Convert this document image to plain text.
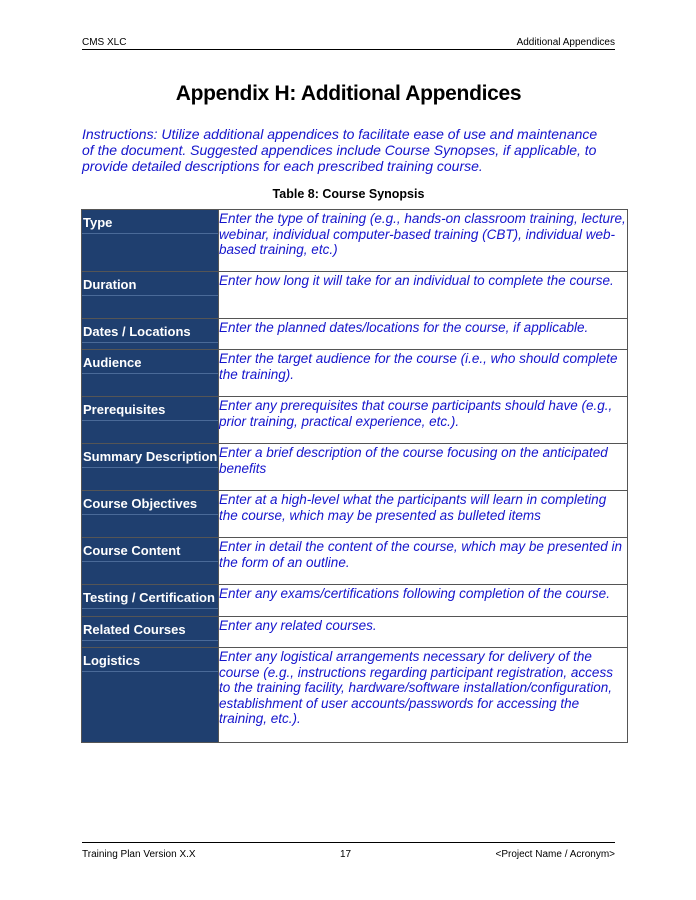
CMS XLC	Additional Appendices
Appendix H: Additional Appendices
Instructions: Utilize additional appendices to facilitate ease of use and maintenance of the document. Suggested appendices include Course Synopses, if applicable, to provide detailed descriptions for each prescribed training course.
Table 8: Course Synopsis
Type	Enter the type of training (e.g., hands-on classroom training, lecture, webinar, individual computer-based training (CBT), individual web-based training, etc.)

Duration	Enter how long it will take for an individual to complete the course.

Dates / Locations	Enter the planned dates/locations for the course, if applicable.

Audience	Enter the target audience for the course (i.e., who should complete the training).

Prerequisites	Enter any prerequisites that course participants should have (e.g., prior training, practical experience, etc.).

Summary Description	Enter a brief description of the course focusing on the anticipated benefits

Course Objectives	Enter at a high-level what the participants will learn in completing the course, which may be presented as bulleted items

Course Content	Enter in detail the content of the course, which may be presented in the form of an outline.

Testing / Certification	Enter any exams/certifications following completion of the course.

Related Courses	Enter any related courses.

Logistics	Enter any logistical arrangements necessary for delivery of the course (e.g., instructions regarding participant registration, access to the training facility, hardware/software installation/configuration, establishment of user accounts/passwords for accessing the training, etc.).
Training Plan Version X.X	17	<Project Name / Acronym>
